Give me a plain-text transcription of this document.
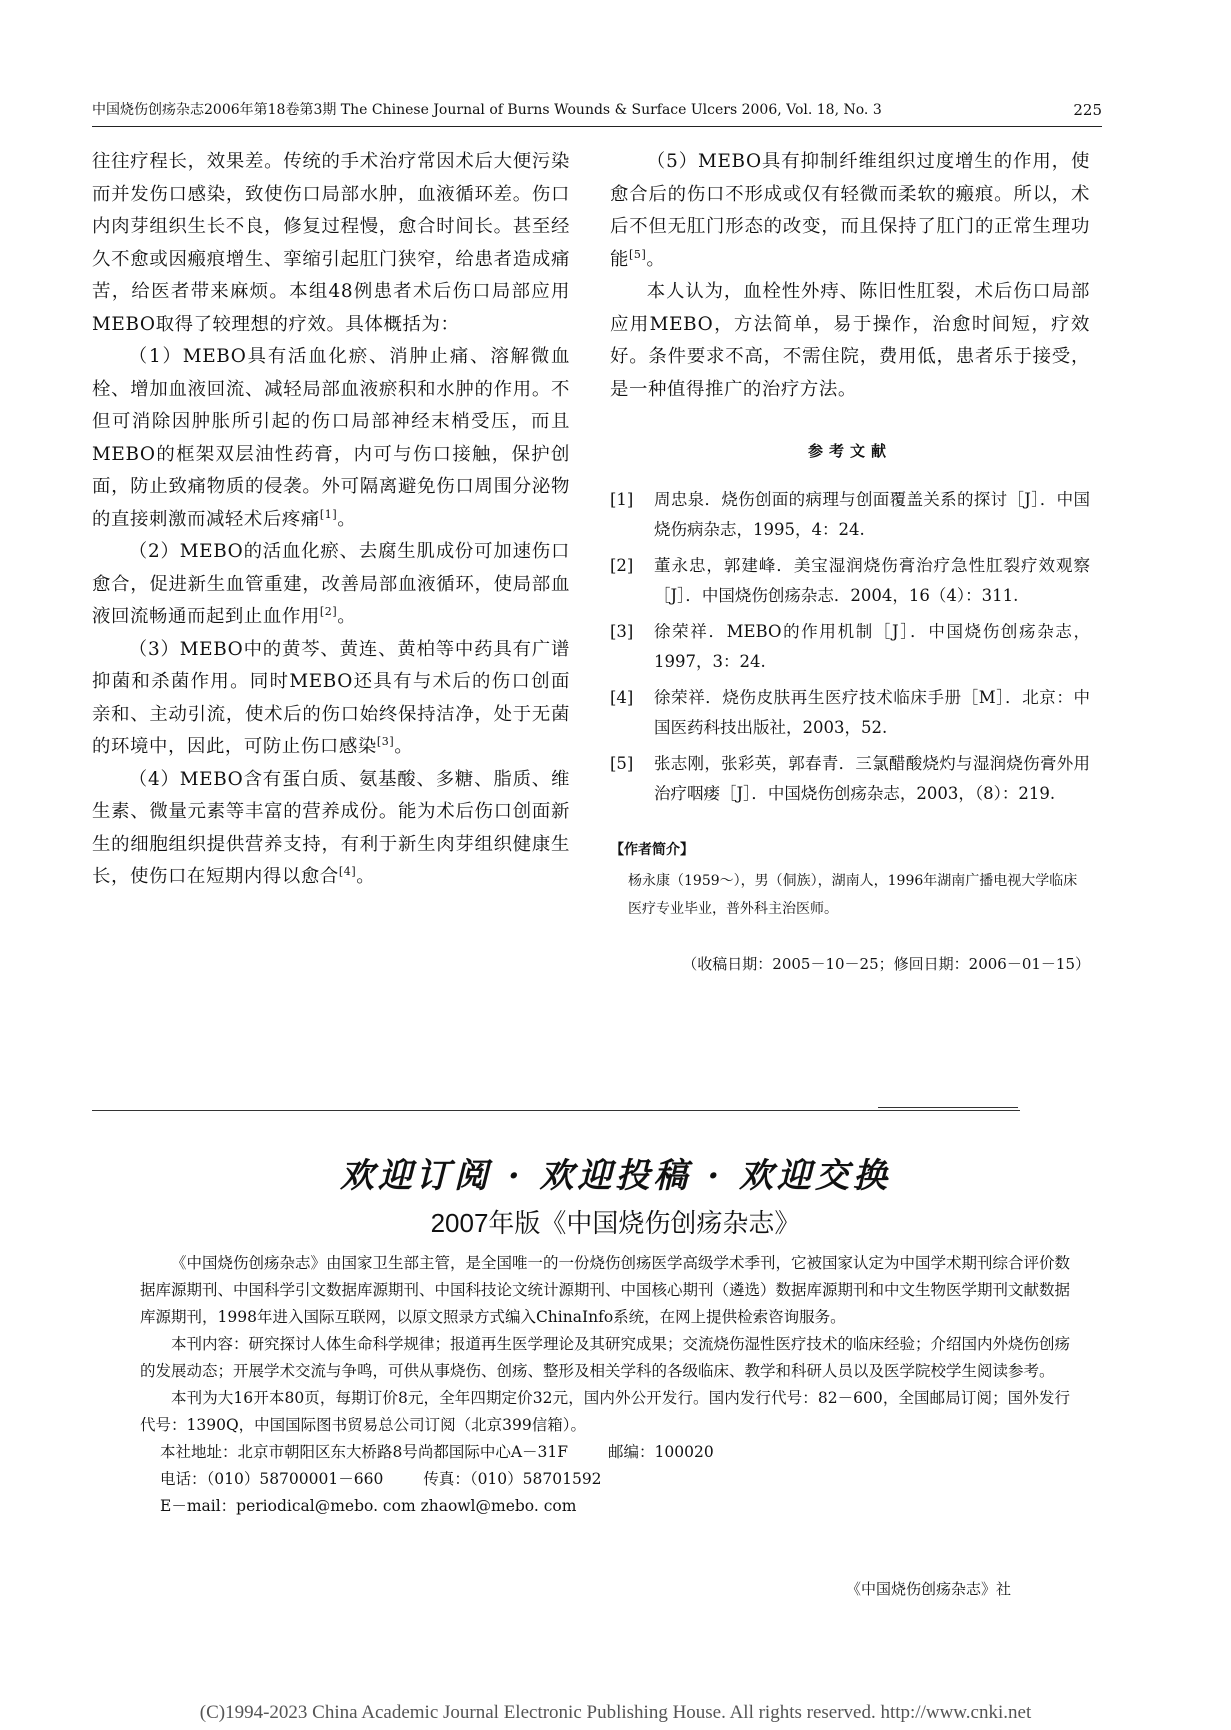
中国烧伤创疡杂志2006年第18卷第3期 The Chinese Journal of Burns Wounds & Surface Ulcers 2006, Vol. 18, No. 3	225

往往疗程长，效果差。传统的手术治疗常因术后大便污染而并发伤口感染，致使伤口局部水肿，血液循环差。伤口内肉芽组织生长不良，修复过程慢，愈合时间长。甚至经久不愈或因瘢痕增生、挛缩引起肛门狭窄，给患者造成痛苦，给医者带来麻烦。本组48例患者术后伤口局部应用MEBO取得了较理想的疗效。具体概括为：

（1）MEBO具有活血化瘀、消肿止痛、溶解微血栓、增加血液回流、减轻局部血液瘀积和水肿的作用。不但可消除因肿胀所引起的伤口局部神经末梢受压，而且MEBO的框架双层油性药膏，内可与伤口接触，保护创面，防止致痛物质的侵袭。外可隔离避免伤口周围分泌物的直接刺激而减轻术后疼痛[1]。

（2）MEBO的活血化瘀、去腐生肌成份可加速伤口愈合，促进新生血管重建，改善局部血液循环，使局部血液回流畅通而起到止血作用[2]。

（3）MEBO中的黄芩、黄连、黄柏等中药具有广谱抑菌和杀菌作用。同时MEBO还具有与术后的伤口创面亲和、主动引流，使术后的伤口始终保持洁净，处于无菌的环境中，因此，可防止伤口感染[3]。

（4）MEBO含有蛋白质、氨基酸、多糖、脂质、维生素、微量元素等丰富的营养成份。能为术后伤口创面新生的细胞组织提供营养支持，有利于新生肉芽组织健康生长，使伤口在短期内得以愈合[4]。

（5）MEBO具有抑制纤维组织过度增生的作用，使愈合后的伤口不形成或仅有轻微而柔软的瘢痕。所以，术后不但无肛门形态的改变，而且保持了肛门的正常生理功能[5]。

本人认为，血栓性外痔、陈旧性肛裂，术后伤口局部应用MEBO，方法简单，易于操作，治愈时间短，疗效好。条件要求不高，不需住院，费用低，患者乐于接受，是一种值得推广的治疗方法。

参考文献
[1] 周忠泉．烧伤创面的病理与创面覆盖关系的探讨［J］．中国烧伤病杂志，1995，4：24.
[2] 董永忠，郭建峰．美宝湿润烧伤膏治疗急性肛裂疗效观察［J］．中国烧伤创疡杂志．2004，16（4）：311.
[3] 徐荣祥．MEBO的作用机制［J］．中国烧伤创疡杂志，1997，3：24.
[4] 徐荣祥．烧伤皮肤再生医疗技术临床手册［M］．北京：中国医药科技出版社，2003，52.
[5] 张志刚，张彩英，郭春青．三氯醋酸烧灼与湿润烧伤膏外用治疗咽瘘［J］．中国烧伤创疡杂志，2003，（8）：219.
【作者简介】
杨永康（1959～），男（侗族），湖南人，1996年湖南广播电视大学临床医疗专业毕业，普外科主治医师。
（收稿日期：2005－10－25；修回日期：2006－01－15）
欢迎订阅 · 欢迎投稿 · 欢迎交换
2007年版《中国烧伤创疡杂志》

《中国烧伤创疡杂志》由国家卫生部主管，是全国唯一的一份烧伤创疡医学高级学术季刊，它被国家认定为中国学术期刊综合评价数据库源期刊、中国科学引文数据库源期刊、中国科技论文统计源期刊、中国核心期刊（遴选）数据库源期刊和中文生物医学期刊文献数据库源期刊，1998年进入国际互联网，以原文照录方式编入ChinaInfo系统，在网上提供检索咨询服务。

本刊内容：研究探讨人体生命科学规律；报道再生医学理论及其研究成果；交流烧伤湿性医疗技术的临床经验；介绍国内外烧伤创疡的发展动态；开展学术交流与争鸣，可供从事烧伤、创疡、整形及相关学科的各级临床、教学和科研人员以及医学院校学生阅读参考。

本刊为大16开本80页，每期订价8元，全年四期定价32元，国内外公开发行。国内发行代号：82－600，全国邮局订阅；国外发行代号：1390Q，中国国际图书贸易总公司订阅（北京399信箱）。

本社地址：北京市朝阳区东大桥路8号尚都国际中心A－31F	邮编：100020

电话：（010）58700001－660	传真：（010）58701592

E－mail：periodical@mebo. com zhaowl@mebo. com

《中国烧伤创疡杂志》社
(C)1994-2023 China Academic Journal Electronic Publishing House. All rights reserved. http://www.cnki.net
